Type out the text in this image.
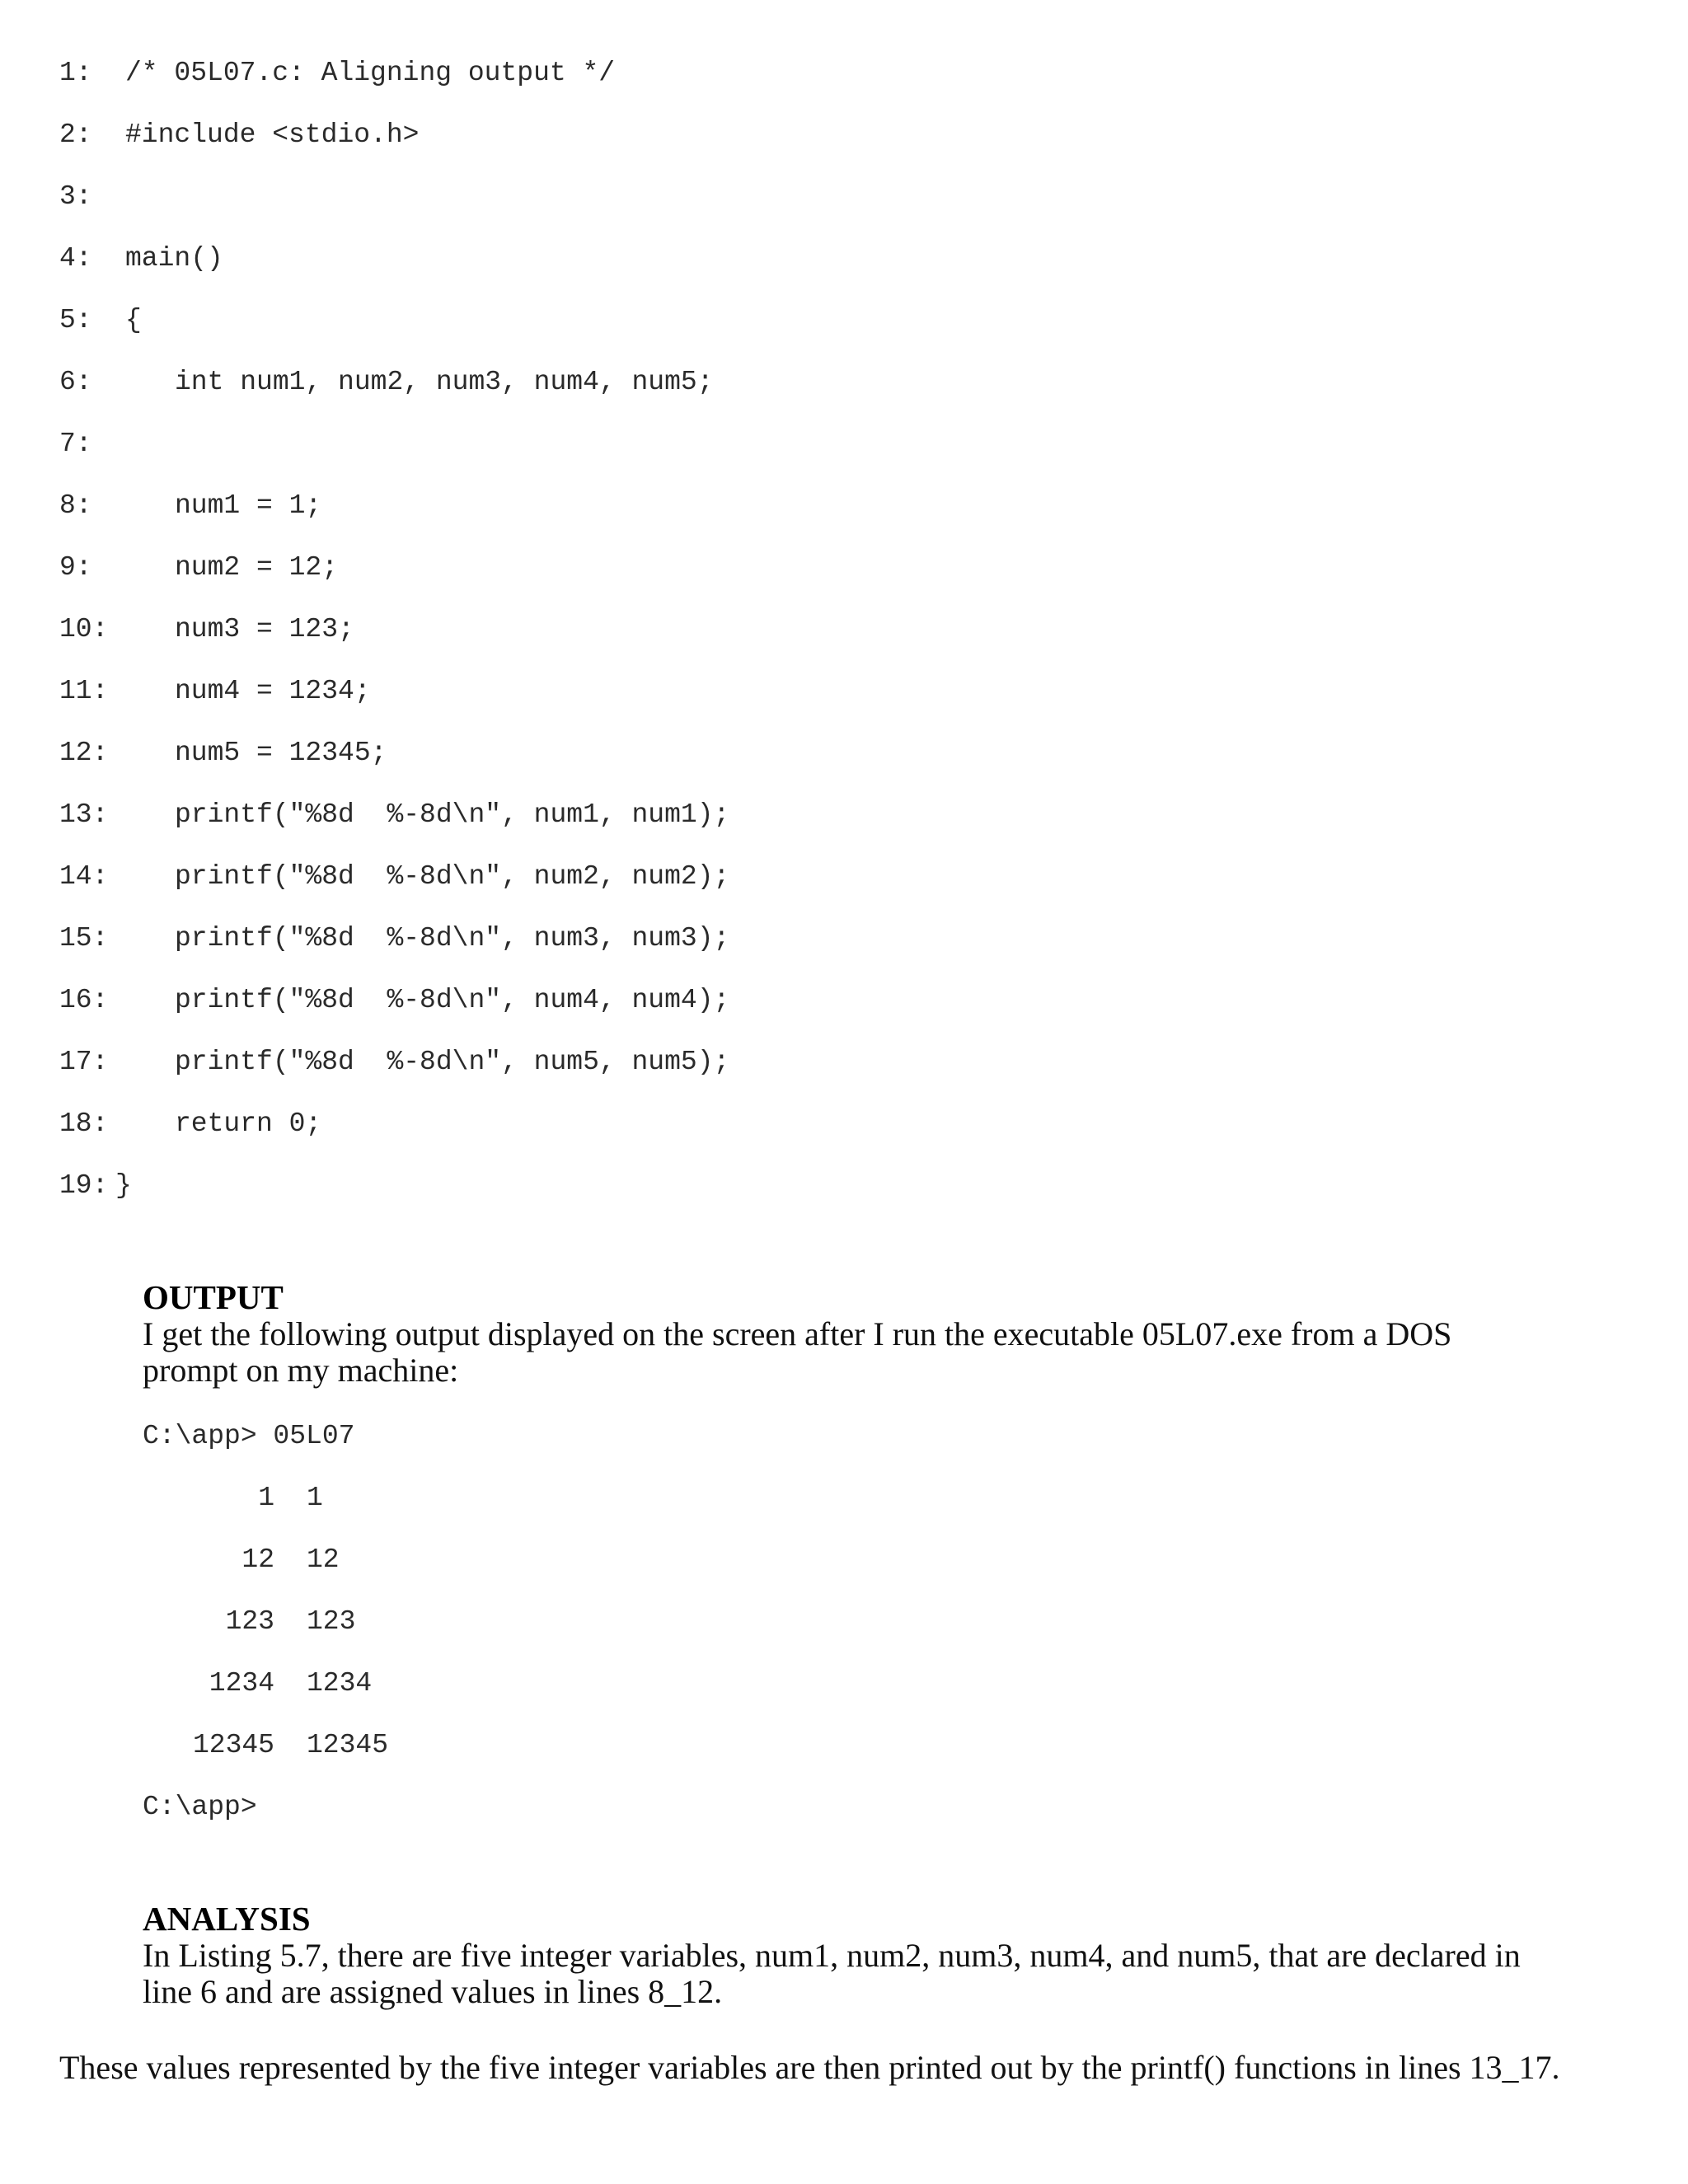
1:

/* 05L07.c: Aligning output */

2:

#include <stdio.h>

3:

4:

main()

5:

{

6:

	int num1, num2, num3, num4, num5;

7:

8:

	num1 = 1;

9:

	num2 = 12;

10:

num3 = 123;

11:

num4 = 1234;

12:

num5 = 12345;

13:

printf("%8d  %-8d\n", num1, num1);

14:

printf("%8d  %-8d\n", num2, num2);

15:

printf("%8d  %-8d\n", num3, num3);

16:

printf("%8d  %-8d\n", num4, num4);

17:

printf("%8d  %-8d\n", num5, num5);

18:

return 0;

19:

}

OUTPUT
I get the following output displayed on the screen after I run the executable 05L07.exe from a DOS prompt on my machine:
C:\app> 05L07
1 1
12 12
123 123
1234 1234
12345 12345
C:\app>
ANALYSIS
In Listing 5.7, there are five integer variables, num1, num2, num3, num4, and num5, that are declared in line 6 and are assigned values in lines 8_12.
These values represented by the five integer variables are then printed out by the printf() functions in lines 13_17.
